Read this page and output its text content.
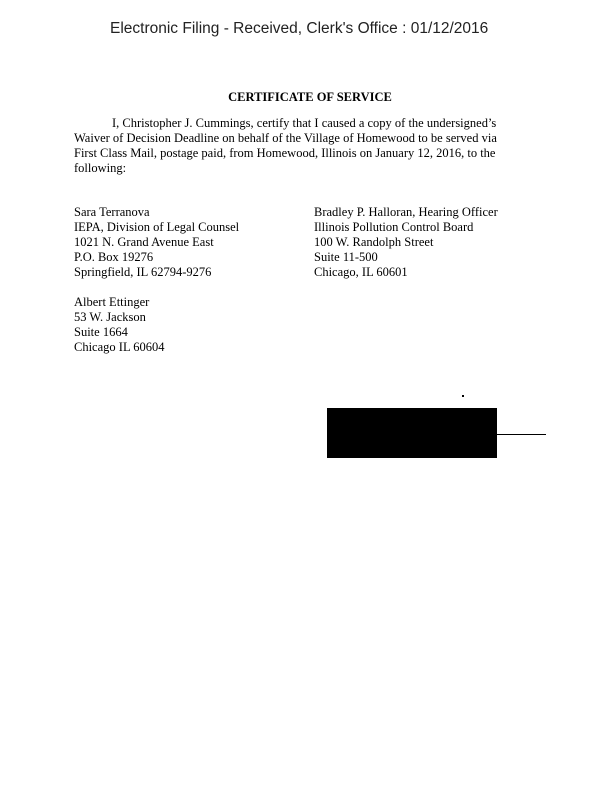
Electronic Filing - Received, Clerk's Office : 01/12/2016
CERTIFICATE OF SERVICE

I, Christopher J. Cummings, certify that I caused a copy of the undersigned’s
Waiver of Decision Deadline on behalf of the Village of Homewood to be served via
First Class Mail, postage paid, from Homewood, Illinois on January 12, 2016, to the
following:

Sara Terranova
IEPA, Division of Legal Counsel
1021 N. Grand Avenue East
P.O. Box 19276
Springfield, IL 62794-9276
Bradley P. Halloran, Hearing Officer
Illinois Pollution Control Board
100 W. Randolph Street
Suite 11-500
Chicago, IL 60601
Albert Ettinger
53 W. Jackson
Suite 1664
Chicago IL 60604
